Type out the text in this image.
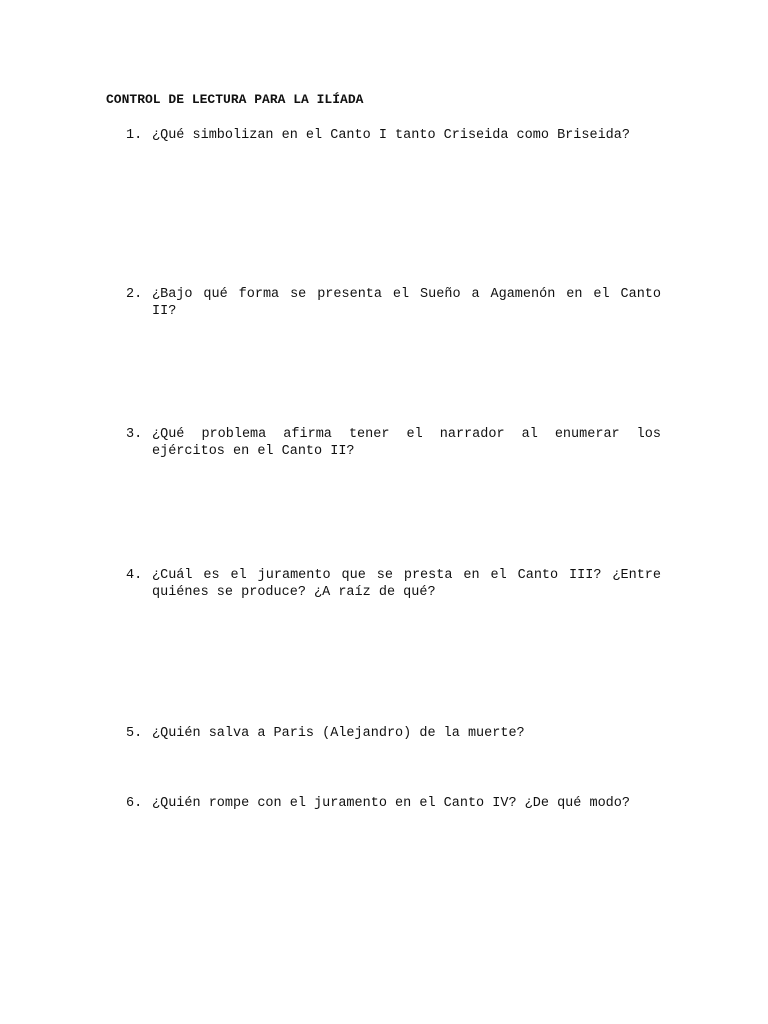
CONTROL DE LECTURA PARA LA ILÍADA
1. ¿Qué simbolizan en el Canto I tanto Criseida como Briseida?
2. ¿Bajo qué forma se presenta el Sueño a Agamenón en el Canto II?
3. ¿Qué problema afirma tener el narrador al enumerar los ejércitos en el Canto II?
4. ¿Cuál es el juramento que se presta en el Canto III? ¿Entre quiénes se produce? ¿A raíz de qué?
5. ¿Quién salva a Paris (Alejandro) de la muerte?
6. ¿Quién rompe con el juramento en el Canto IV? ¿De qué modo?
